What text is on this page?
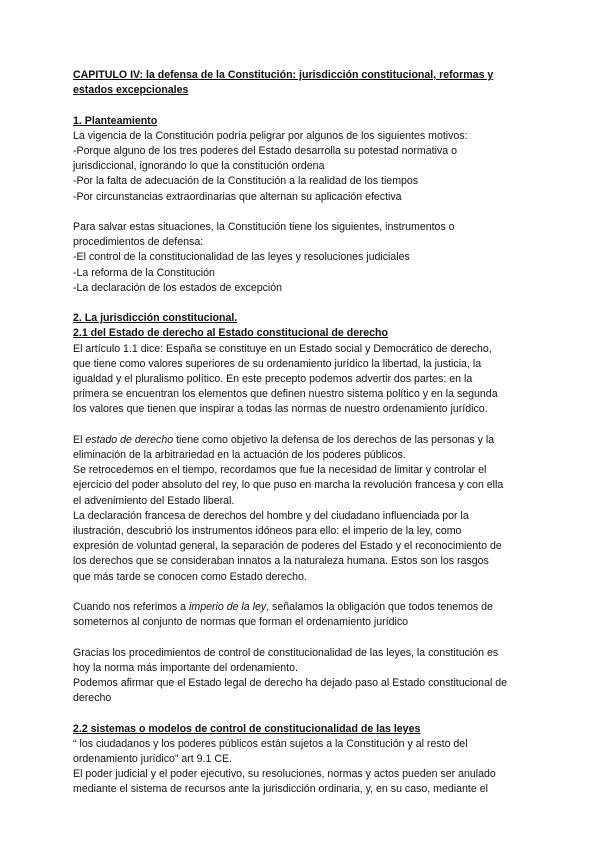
CAPITULO IV: la defensa de la Constitución: jurisdicción constitucional, reformas y
estados excepcionales
1. Planteamiento
La vigencia de la Constitución podría peligrar por algunos de los siguientes motivos:
-Porque alguno de los tres poderes del Estado desarrolla su potestad normativa o
jurisdiccional, ignorando lo que la constitución ordena
-Por la falta de adecuación de la Constitución a la realidad de los tiempos
-Por circunstancias extraordinarias que alternan su aplicación efectiva
Para salvar estas situaciones, la Constitución tiene los siguientes, instrumentos o
procedimientos de defensa:
-El control de la constitucionalidad de las leyes y resoluciones judiciales
-La reforma de la Constitución
-La declaración de los estados de excepción
2. La jurisdicción constitucional.
2.1 del Estado de derecho al Estado constitucional de derecho
El artículo 1.1 dice: España se constituye en un Estado social y Democrático de derecho,
que tiene como valores superiores de su ordenamiento jurídico la libertad, la justicia, la
igualdad y el pluralismo político. En este precepto podemos advertir dos partes: en la
primera se encuentran los elementos que definen nuestro sistema político y en la segunda
los valores que tienen que inspirar a todas las normas de nuestro ordenamiento jurídico.
El estado de derecho tiene como objetivo la defensa de los derechos de las personas y la
eliminación de la arbitrariedad en la actuación de los poderes públicos.
Se retrocedemos en el tiempo, recordamos que fue la necesidad de limitar y controlar el
ejercicio del poder absoluto del rey, lo que puso en marcha la revolución francesa y con ella
el advenimiento del Estado liberal.
La declaración francesa de derechos del hombre y del ciudadano influenciada por la
ilustración, descubrió los instrumentos idóneos para ello: el imperio de la ley, como
expresión de voluntad general, la separación de poderes del Estado y el reconocimiento de
los derechos que se consideraban innatos a la naturaleza humana. Estos son los rasgos
que más tarde se conocen como Estado derecho.
Cuando nos referimos a imperio de la ley, señalamos la obligación que todos tenemos de
someternos al conjunto de normas que forman el ordenamiento jurídico
Gracias los procedimientos de control de constitucionalidad de las leyes, la constitución es
hoy la norma más importante del ordenamiento.
Podemos afirmar que el Estado legal de derecho ha dejado paso al Estado constitucional de
derecho
2.2 sistemas o modelos de control de constitucionalidad de las leyes
“ los ciudadanos y los poderes públicos están sujetos a la Constitución y al resto del
ordenamiento jurídico” art 9.1 CE.
El poder judicial y el poder ejecutivo, su resoluciones, normas y actos pueden ser anulado
mediante el sistema de recursos ante la jurisdicción ordinaria, y, en su caso, mediante el
